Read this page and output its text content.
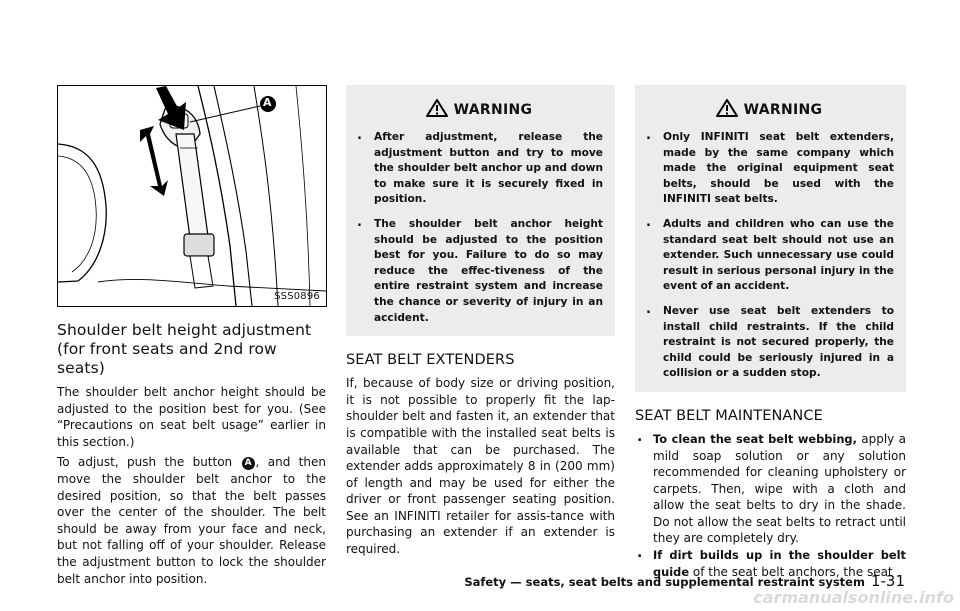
A
SSS0896
Shoulder belt height adjustment
(for front seats and 2nd row seats)

The shoulder belt anchor height should be adjusted to the position best for you. (See “Precautions on seat belt usage” earlier in this section.)

To adjust, push the button A , and then move the shoulder belt anchor to the desired position, so that the belt passes over the center of the shoulder. The belt should be away from your face and neck, but not falling off of your shoulder. Release the adjustment button to lock the shoulder belt anchor into position.

WARNING
. After adjustment, release the adjustment button and try to move the shoulder belt anchor up and down to make sure it is securely fixed in position.
. The shoulder belt anchor height should be adjusted to the position best for you. Failure to do so may reduce the effec-tiveness of the entire restraint system and increase the chance or severity of injury in an accident.
SEAT BELT EXTENDERS

If, because of body size or driving position, it is not possible to properly fit the lap-shoulder belt and fasten it, an extender that is compatible with the installed seat belts is available that can be purchased. The extender adds approximately 8 in (200 mm) of length and may be used for either the driver or front passenger seating position. See an INFINITI retailer for assis-tance with purchasing an extender if an extender is required.

WARNING
. Only INFINITI seat belt extenders, made by the same company which made the original equipment seat belts, should be used with the INFINITI seat belts.
. Adults and children who can use the standard seat belt should not use an extender. Such unnecessary use could result in serious personal injury in the event of an accident.
. Never use seat belt extenders to install child restraints. If the child restraint is not secured properly, the child could be seriously injured in a collision or a sudden stop.
SEAT BELT MAINTENANCE
. To clean the seat belt webbing, apply a mild soap solution or any solution recommended for cleaning upholstery or carpets. Then, wipe with a cloth and allow the seat belts to dry in the shade. Do not allow the seat belts to retract until they are completely dry.
. If dirt builds up in the shoulder belt guide of the seat belt anchors, the seat
Safety — seats, seat belts and supplemental restraint system 1-31
carmanualsonline.info
